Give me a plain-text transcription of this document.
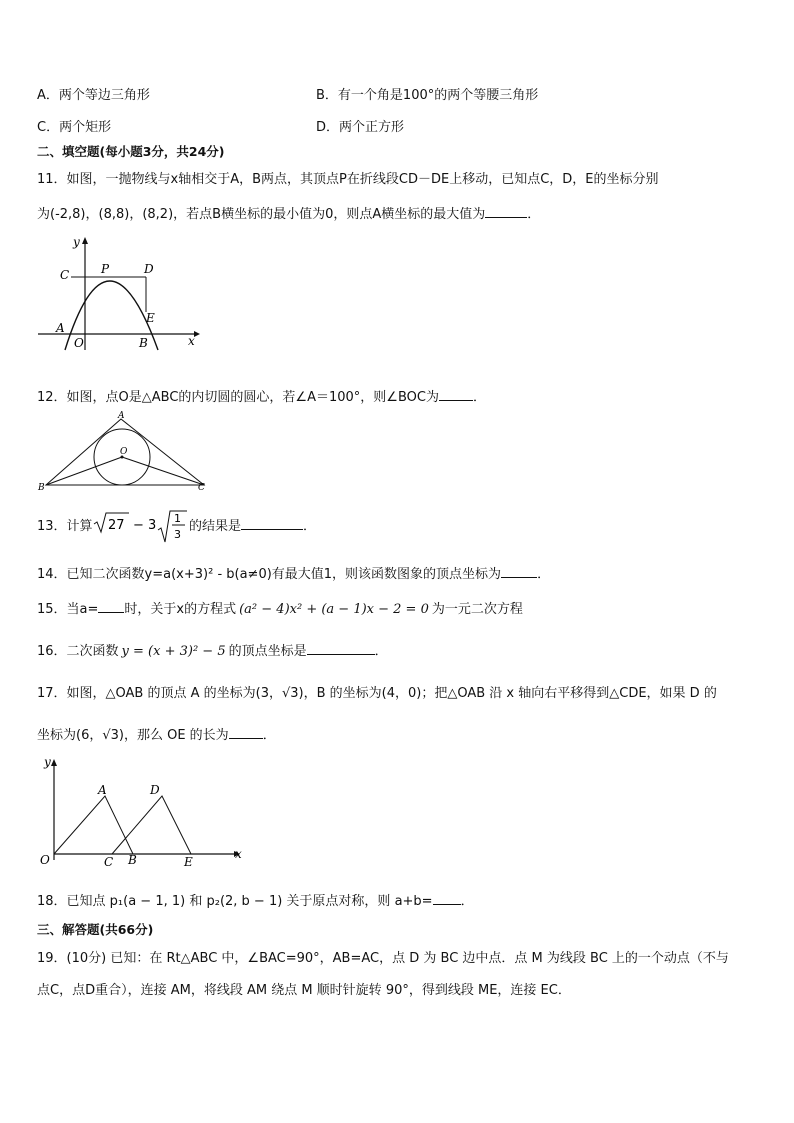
A．两个等边三角形	B．有一个角是100°的两个等腰三角形
C．两个矩形	D．两个正方形
二、填空题(每小题3分，共24分)
11．如图，一抛物线与x轴相交于A，B两点，其顶点P在折线段CD－DE上移动，已知点C，D，E的坐标分别
为(-2,8)，(8,8)，(8,2)，若点B横坐标的最小值为0，则点A横坐标的最大值为	．
y
x
C	P	D
E
A
O	B
12．如图，点O是△ABC的内切圆的圆心，若∠A＝100°，则∠BOC为	．
A
O
B	C
13．计算 27 − 3 1
3
的结果是	．
14．已知二次函数y=a(x+3)² - b(a≠0)有最大值1，则该函数图象的顶点坐标为	．
15．当a= 时，关于x的方程式 (a² − 4)x² + (a − 1)x − 2 = 0 为一元二次方程
16．二次函数 y = (x + 3)² − 5 的顶点坐标是	．
17．如图，△OAB 的顶点 A 的坐标为(3，√3)，B 的坐标为(4，0)；把△OAB 沿 x 轴向右平移得到△CDE，如果 D 的
坐标为(6，√3)，那么 OE 的长为	．
y
x
A	D
O	C B	E
18．已知点 p₁(a − 1, 1) 和 p₂(2, b − 1) 关于原点对称，则 a+b= ．
三、解答题(共66分)
19．(10分) 已知：在 Rt△ABC 中，∠BAC=90°，AB=AC，点 D 为 BC 边中点．点 M 为线段 BC 上的一个动点（不与
点C，点D重合），连接 AM，将线段 AM 绕点 M 顺时针旋转 90°，得到线段 ME，连接 EC．
